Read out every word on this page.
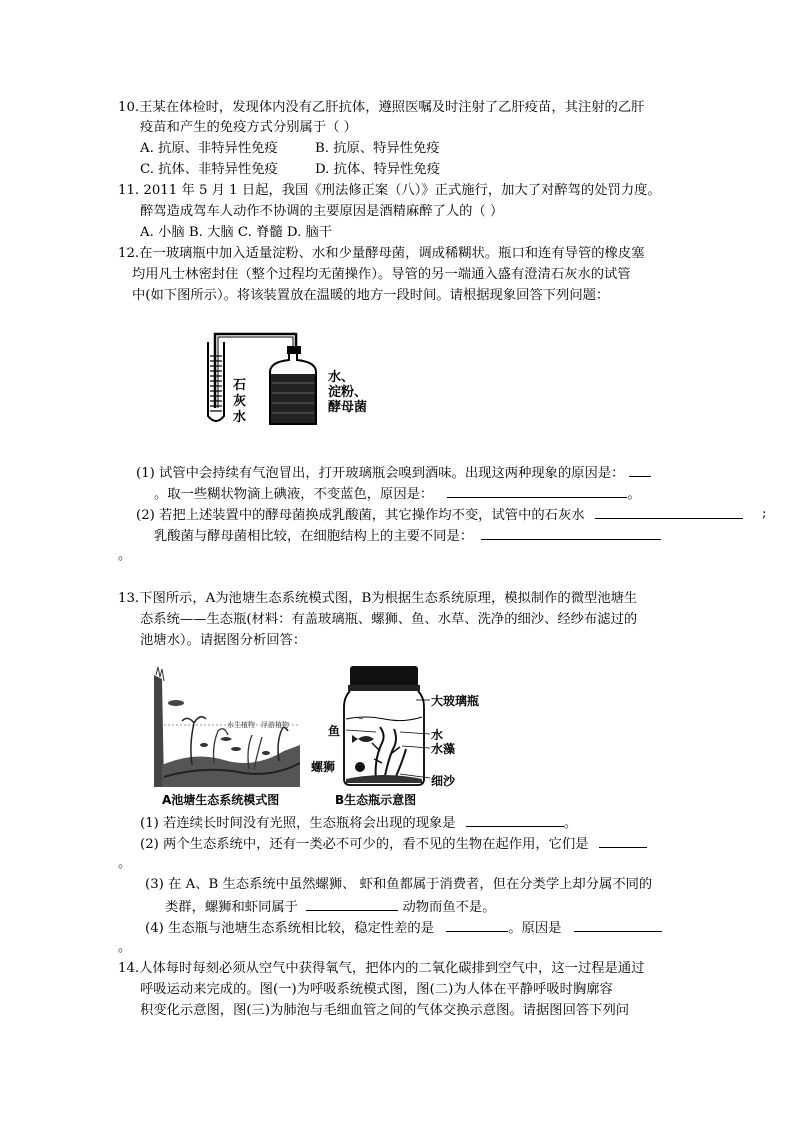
10.王某在体检时，发现体内没有乙肝抗体，遵照医嘱及时注射了乙肝疫苗，其注射的乙肝
疫苗和产生的免疫方式分别属于（ ）
A. 抗原、非特异性免疫	B. 抗原、特异性免疫
C. 抗体、非特异性免疫	D. 抗体、特异性免疫
11. 2011 年 5 月 1 日起，我国《刑法修正案（八）》正式施行，加大了对醉驾的处罚力度。
醉驾造成驾车人动作不协调的主要原因是酒精麻醉了人的（ ）
A. 小脑 B. 大脑 C. 脊髓 D. 脑干
12.在一玻璃瓶中加入适量淀粉、水和少量酵母菌，调成稀糊状。瓶口和连有导管的橡皮塞
均用凡士林密封住（整个过程均无菌操作）。导管的另一端通入盛有澄清石灰水的试管
中(如下图所示）。将该装置放在温暖的地方一段时间。请根据现象回答下列问题：
石灰水
水、
淀粉、
酵母菌
(1) 试管中会持续有气泡冒出，打开玻璃瓶会嗅到酒味。出现这两种现象的原因是：
。取一些糊状物滴上碘液，不变蓝色，原因是：	。
(2) 若把上述装置中的酵母菌换成乳酸菌，其它操作均不变，试管中的石灰水	;
乳酸菌与酵母菌相比较，在细胞结构上的主要不同是：
。
13.下图所示，A为池塘生态系统模式图，B为根据生态系统原理，模拟制作的微型池塘生
态系统——生态瓶(材料：有盖玻璃瓶、螺狮、鱼、水草、洗净的细沙、经纱布滤过的
池塘水）。请据图分析回答：
水生植物 浮游植物
A池塘生态系统模式图
~	~
大玻璃瓶
鱼	水
水藻
螺狮
细沙
B生态瓶示意图
(1) 若连续长时间没有光照，生态瓶将会出现的现象是	。
(2) 两个生态系统中，还有一类必不可少的，看不见的生物在起作用，它们是
。
(3) 在 A、B 生态系统中虽然螺狮、 虾和鱼都属于消费者，但在分类学上却分属不同的
类群，螺狮和虾同属于	动物而鱼不是。
(4) 生态瓶与池塘生态系统相比较，稳定性差的是	。原因是
。
14.人体每时每刻必须从空气中获得氧气，把体内的二氧化碳排到空气中，这一过程是通过
呼吸运动来完成的。图(一)为呼吸系统模式图，图(二)为人体在平静呼吸时胸廓容
积变化示意图，图(三)为肺泡与毛细血管之间的气体交换示意图。请据图回答下列问
